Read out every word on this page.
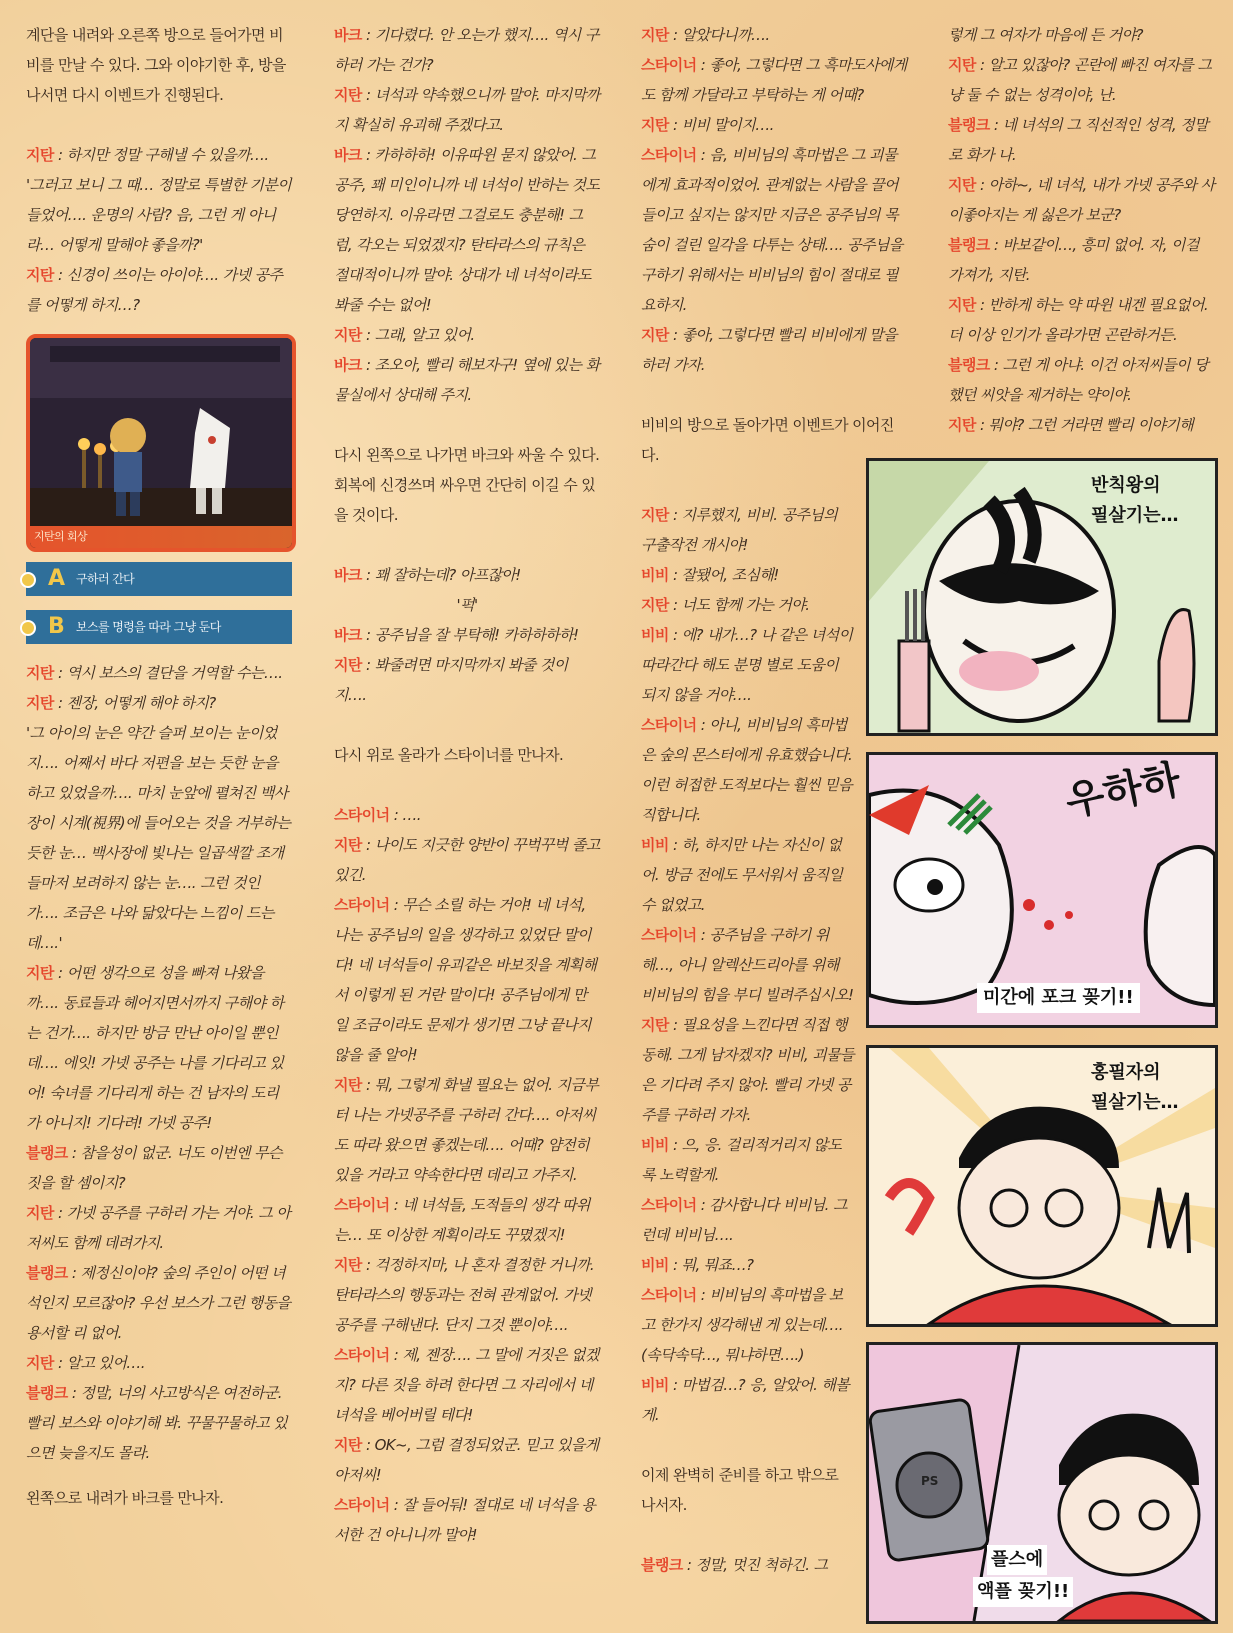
계단을 내려와 오른쪽 방으로 들어가면 비비를 만날 수 있다. 그와 이야기한 후, 방을 나서면 다시 이벤트가 진행된다.

지탄 : 하지만 정말 구해낼 수 있을까….

'그러고 보니 그 때… 정말로 특별한 기분이 들었어…. 운명의 사람? 음, 그런 게 아니라… 어떻게 말해야 좋을까?'

지탄 : 신경이 쓰이는 아이야…. 가넷 공주를 어떻게 하지…?

지탄의 회상
A 구하러 간다
B 보스를 명령을 따라 그냥 둔다

지탄 : 역시 보스의 결단을 거역할 수는….

지탄 : 젠장, 어떻게 해야 하지?

'그 아이의 눈은 약간 슬퍼 보이는 눈이었지…. 어째서 바다 저편을 보는 듯한 눈을 하고 있었을까…. 마치 눈앞에 펼쳐진 백사장이 시계(視界)에 들어오는 것을 거부하는 듯한 눈… 백사장에 빛나는 일곱색깔 조개들마저 보려하지 않는 눈…. 그런 것인가…. 조금은 나와 닮았다는 느낌이 드는데….'

지탄 : 어떤 생각으로 성을 빠져 나왔을까…. 동료들과 헤어지면서까지 구해야 하는 건가…. 하지만 방금 만난 아이일 뿐인데…. 에잇! 가넷 공주는 나를 기다리고 있어! 숙녀를 기다리게 하는 건 남자의 도리가 아니지! 기다려! 가넷 공주!

블랭크 : 참을성이 없군. 너도 이번엔 무슨 짓을 할 셈이지?

지탄 : 가넷 공주를 구하러 가는 거야. 그 아저씨도 함께 데려가지.

블랭크 : 제정신이야? 숲의 주인이 어떤 녀석인지 모르잖아? 우선 보스가 그런 행동을 용서할 리 없어.

지탄 : 알고 있어….

블랭크 : 정말, 너의 사고방식은 여전하군. 빨리 보스와 이야기해 봐. 꾸물꾸물하고 있으면 늦을지도 몰라.

왼쪽으로 내려가 바크를 만나자.

바크 : 기다렸다. 안 오는가 했지…. 역시 구하러 가는 건가?

지탄 : 녀석과 약속했으니까 말야. 마지막까지 확실히 유괴해 주겠다고.

바크 : 카하하하! 이유따윈 묻지 않았어. 그 공주, 꽤 미인이니까 네 녀석이 반하는 것도 당연하지. 이유라면 그걸로도 충분해! 그럼, 각오는 되었겠지? 탄타라스의 규칙은 절대적이니까 말야. 상대가 네 녀석이라도 봐줄 수는 없어!

지탄 : 그래, 알고 있어.

바크 : 조오아, 빨리 해보자구! 옆에 있는 화물실에서 상대해 주지.

다시 왼쪽으로 나가면 바크와 싸울 수 있다. 회복에 신경쓰며 싸우면 간단히 이길 수 있을 것이다.

바크 : 꽤 잘하는데? 아프잖아!

'퍽'

바크 : 공주님을 잘 부탁해! 카하하하하!

지탄 : 봐줄려면 마지막까지 봐줄 것이지….

다시 위로 올라가 스타이너를 만나자.

스타이너 : ….

지탄 : 나이도 지긋한 양반이 꾸벅꾸벅 졸고 있긴.

스타이너 : 무슨 소릴 하는 거야! 네 녀석, 나는 공주님의 일을 생각하고 있었단 말이다! 네 녀석들이 유괴같은 바보짓을 계획해서 이렇게 된 거란 말이다! 공주님에게 만일 조금이라도 문제가 생기면 그냥 끝나지 않을 줄 알아!

지탄 : 뭐, 그렇게 화낼 필요는 없어. 지금부터 나는 가넷공주를 구하러 간다…. 아저씨도 따라 왔으면 좋겠는데…. 어때? 얌전히 있을 거라고 약속한다면 데리고 가주지.

스타이너 : 네 녀석들, 도적들의 생각 따위는… 또 이상한 계획이라도 꾸몄겠지!

지탄 : 걱정하지마, 나 혼자 결정한 거니까. 탄타라스의 행동과는 전혀 관계없어. 가넷 공주를 구해낸다. 단지 그것 뿐이야….

스타이너 : 제, 젠장…. 그 말에 거짓은 없겠지? 다른 짓을 하려 한다면 그 자리에서 네 녀석을 베어버릴 테다!

지탄 : OK~, 그럼 결정되었군. 믿고 있을게 아저씨!

스타이너 : 잘 들어둬! 절대로 네 녀석을 용서한 건 아니니까 말야!

지탄 : 알았다니까….

스타이너 : 좋아, 그렇다면 그 흑마도사에게도 함께 가달라고 부탁하는 게 어때?

지탄 : 비비 말이지….

스타이너 : 음, 비비님의 흑마법은 그 괴물에게 효과적이었어. 관계없는 사람을 끌어들이고 싶지는 않지만 지금은 공주님의 목숨이 걸린 일각을 다투는 상태…. 공주님을 구하기 위해서는 비비님의 힘이 절대로 필요하지.

지탄 : 좋아, 그렇다면 빨리 비비에게 말을 하러 가자.

비비의 방으로 돌아가면 이벤트가 이어진다.

지탄 : 지루했지, 비비. 공주님의 구출작전 개시야!

비비 : 잘됐어, 조심해!

지탄 : 너도 함께 가는 거야.

비비 : 에? 내가…? 나 같은 녀석이 따라간다 해도 분명 별로 도움이 되지 않을 거야….

스타이너 : 아니, 비비님의 흑마법은 숲의 몬스터에게 유효했습니다. 이런 허접한 도적보다는 훨씬 믿음직합니다.

비비 : 하, 하지만 나는 자신이 없어. 방금 전에도 무서워서 움직일 수 없었고.

스타이너 : 공주님을 구하기 위해…, 아니 알렉산드리아를 위해 비비님의 힘을 부디 빌려주십시오!

지탄 : 필요성을 느낀다면 직접 행동해. 그게 남자겠지? 비비, 괴물들은 기다려 주지 않아. 빨리 가넷 공주를 구하러 가자.

비비 : 으, 응. 걸리적거리지 않도록 노력할게.

스타이너 : 감사합니다 비비님. 그런데 비비님….

비비 : 뭐, 뭐죠…?

스타이너 : 비비님의 흑마법을 보고 한가지 생각해낸 게 있는데…. (속닥속닥…, 뭐냐하면….)

비비 : 마법검…? 응, 알았어. 해볼게.

이제 완벽히 준비를 하고 밖으로 나서자.

블랭크 : 정말, 멋진 척하긴. 그

렇게 그 여자가 마음에 든 거야?

지탄 : 알고 있잖아? 곤란에 빠진 여자를 그냥 둘 수 없는 성격이야, 난.

블랭크 : 네 녀석의 그 직선적인 성격, 정말로 화가 나.

지탄 : 아하~, 네 녀석, 내가 가넷 공주와 사이좋아지는 게 싫은가 보군?

블랭크 : 바보같이…, 흥미 없어. 자, 이걸 가져가, 지탄.

지탄 : 반하게 하는 약 따윈 내겐 필요없어. 더 이상 인기가 올라가면 곤란하거든.

블랭크 : 그런 게 아냐. 이건 아저씨들이 당했던 씨앗을 제거하는 약이야.

지탄 : 뭐야? 그런 거라면 빨리 이야기해

반칙왕의
필살기는…
우하하
미간에 포크 꽂기!!
홍필자의
필살기는…
PS
플스에
액플 꽂기!!
